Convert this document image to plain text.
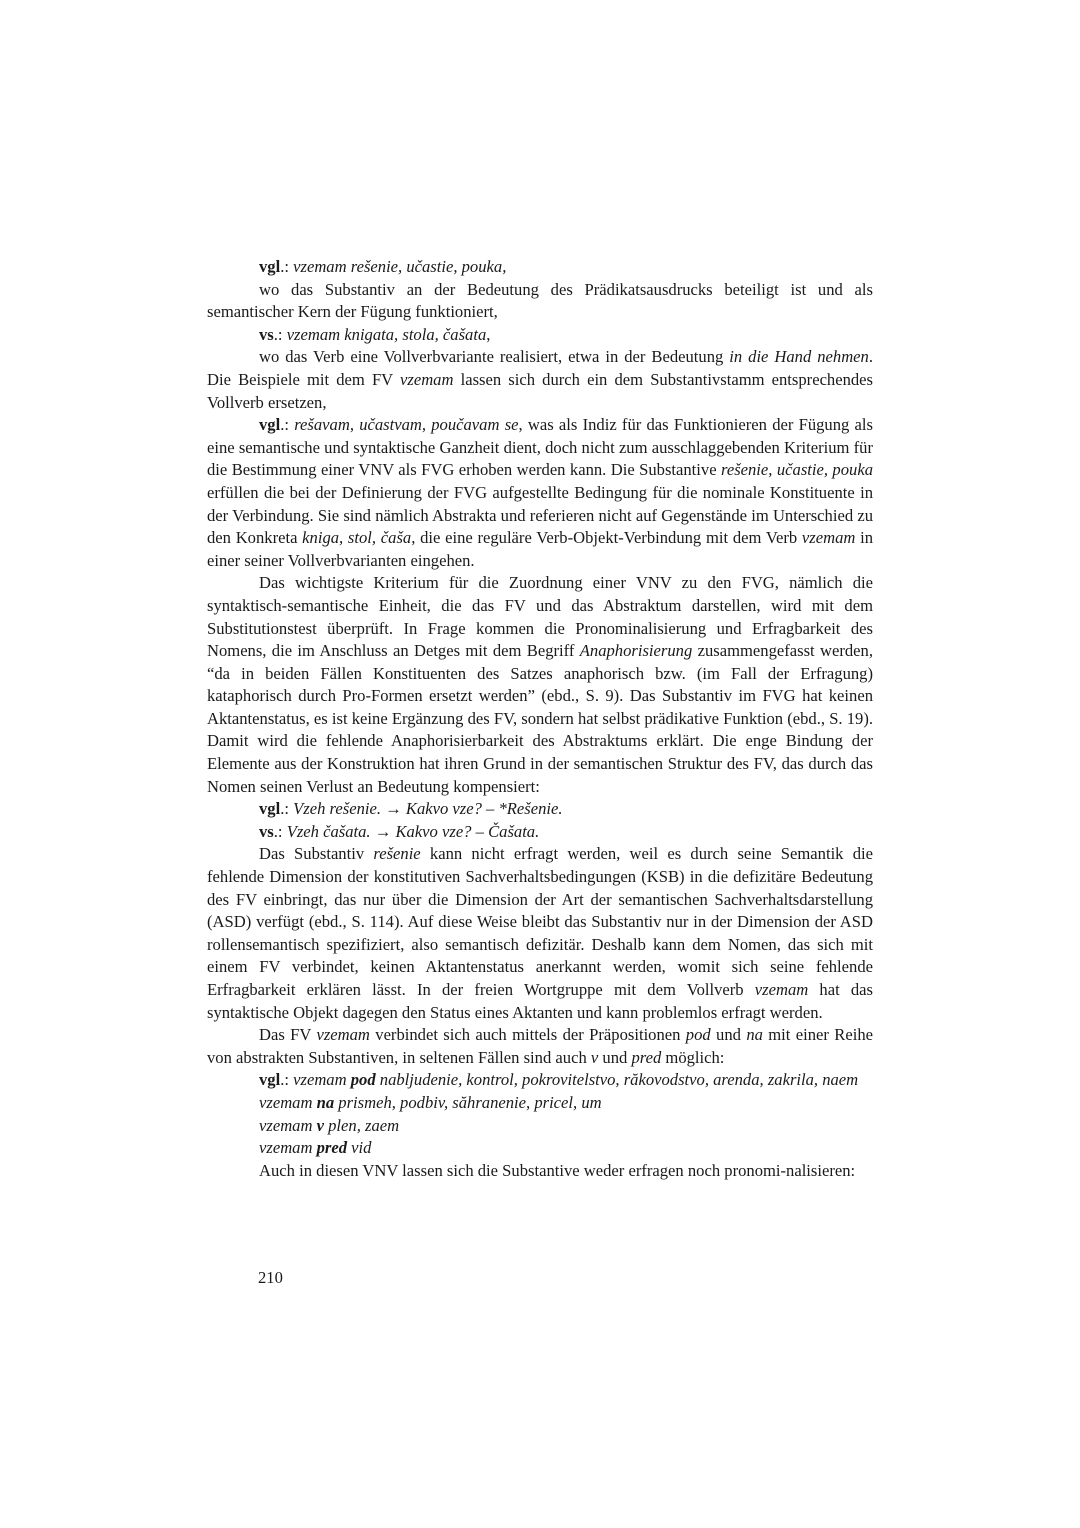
vgl.: vzemam rešenie, učastie, pouka,

wo das Substantiv an der Bedeutung des Prädikatsausdrucks beteiligt ist und als semantischer Kern der Fügung funktioniert,

vs.: vzemam knigata, stola, čašata,

wo das Verb eine Vollverbvariante realisiert, etwa in der Bedeutung in die Hand nehmen. Die Beispiele mit dem FV vzemam lassen sich durch ein dem Substantivstamm entsprechendes Vollverb ersetzen,

vgl.: rešavam, učastvam, poučavam se, was als Indiz für das Funktionieren der Fügung als eine semantische und syntaktische Ganzheit dient, doch nicht zum ausschlaggebenden Kriterium für die Bestimmung einer VNV als FVG erhoben werden kann. Die Substantive rešenie, učastie, pouka erfüllen die bei der Definierung der FVG aufgestellte Bedingung für die nominale Konstituente in der Verbindung. Sie sind nämlich Abstrakta und referieren nicht auf Gegenstände im Unterschied zu den Konkreta kniga, stol, čaša, die eine reguläre Verb-Objekt-Verbindung mit dem Verb vzemam in einer seiner Vollverbvarianten eingehen.

Das wichtigste Kriterium für die Zuordnung einer VNV zu den FVG, nämlich die syntaktisch-semantische Einheit, die das FV und das Abstraktum darstellen, wird mit dem Substitutionstest überprüft. In Frage kommen die Pronominalisierung und Erfragbarkeit des Nomens, die im Anschluss an Detges mit dem Begriff Anaphorisierung zusammengefasst werden, “da in beiden Fällen Konstituenten des Satzes anaphorisch bzw. (im Fall der Erfragung) kataphorisch durch Pro-Formen ersetzt werden” (ebd., S. 9). Das Substantiv im FVG hat keinen Aktantenstatus, es ist keine Ergänzung des FV, sondern hat selbst prädikative Funktion (ebd., S. 19). Damit wird die fehlende Anaphorisierbarkeit des Abstraktums erklärt. Die enge Bindung der Elemente aus der Konstruktion hat ihren Grund in der semantischen Struktur des FV, das durch das Nomen seinen Verlust an Bedeutung kompensiert:

vgl.: Vzeh rešenie. → Kakvo vze? – *Rešenie.

vs.: Vzeh čašata. → Kakvo vze? – Čašata.

Das Substantiv rešenie kann nicht erfragt werden, weil es durch seine Semantik die fehlende Dimension der konstitutiven Sachverhaltsbedingungen (KSB) in die defizitäre Bedeutung des FV einbringt, das nur über die Dimension der Art der semantischen Sachverhaltsdarstellung (ASD) verfügt (ebd., S. 114). Auf diese Weise bleibt das Substantiv nur in der Dimension der ASD rollensemantisch spezifiziert, also semantisch defizitär. Deshalb kann dem Nomen, das sich mit einem FV verbindet, keinen Aktantenstatus anerkannt werden, womit sich seine fehlende Erfragbarkeit erklären lässt. In der freien Wortgruppe mit dem Vollverb vzemam hat das syntaktische Objekt dagegen den Status eines Aktanten und kann problemlos erfragt werden.

Das FV vzemam verbindet sich auch mittels der Präpositionen pod und na mit einer Reihe von abstrakten Substantiven, in seltenen Fällen sind auch v und pred möglich:

vgl.: vzemam pod nabljudenie, kontrol, pokrovitelstvo, răkovodstvo, arenda, zakrila, naem

vzemam na prismeh, podbiv, săhranenie, pricel, um

vzemam v plen, zaem

vzemam pred vid

Auch in diesen VNV lassen sich die Substantive weder erfragen noch pronomi-nalisieren:

210
